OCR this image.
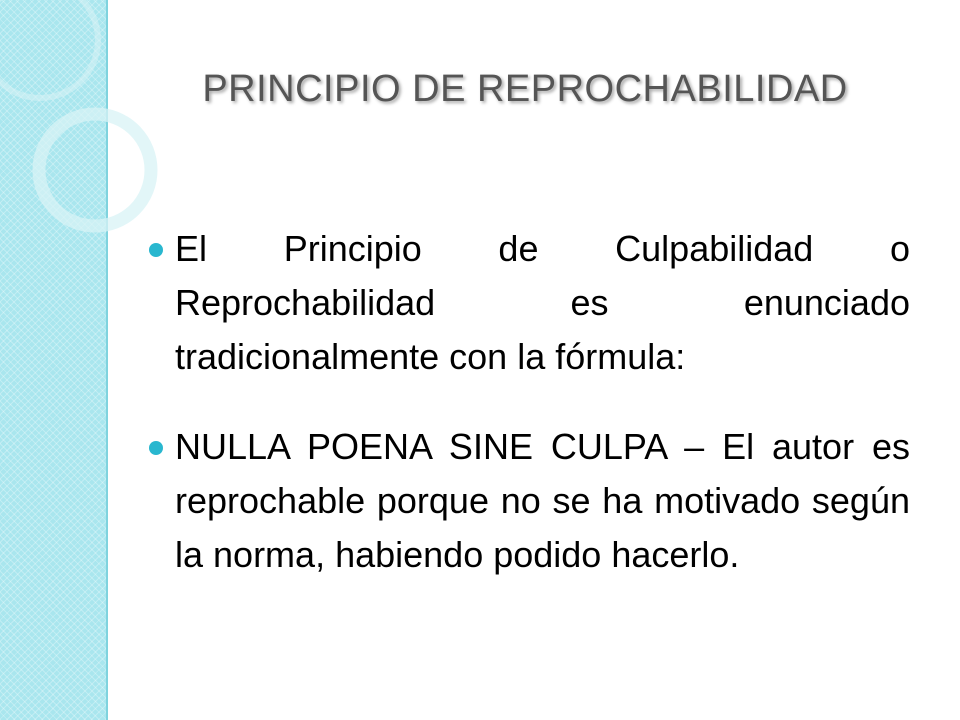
PRINCIPIO DE REPROCHABILIDAD
El Principio de Culpabilidad o Reprochabilidad es enunciado tradicionalmente con la fórmula:
NULLA POENA SINE CULPA – El autor es reprochable porque no se ha motivado según la norma, habiendo podido hacerlo.
